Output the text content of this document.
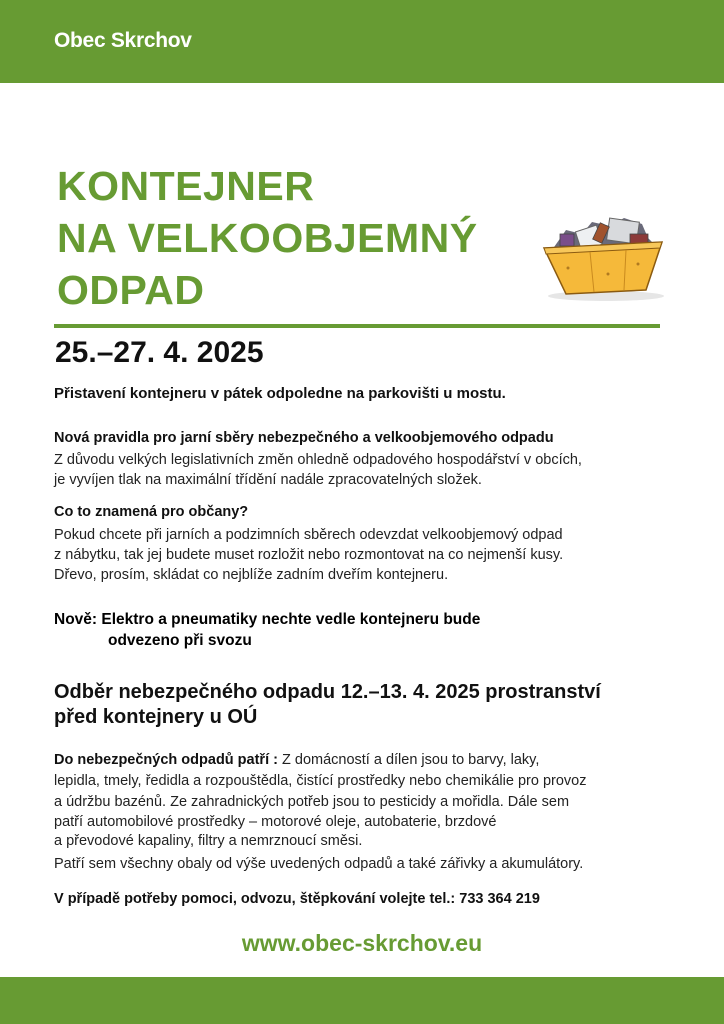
Obec Skrchov
KONTEJNER
NA VELKOOBJEMNÝ
ODPAD
25.–27. 4. 2025
Přistavení kontejneru v pátek odpoledne na parkovišti u mostu.
Nová pravidla pro jarní sběry nebezpečného a velkoobjemového odpadu
Z důvodu velkých legislativních změn ohledně odpadového hospodářství v obcích,
je vyvíjen tlak na maximální třídění nadále zpracovatelných složek.
Co to znamená pro občany?
Pokud chcete při jarních a podzimních sběrech odevzdat velkoobjemový odpad
z nábytku, tak jej budete muset rozložit nebo rozmontovat na co nejmenší kusy.
Dřevo, prosím, skládat co nejblíže zadním dveřím kontejneru.
Nově: Elektro a pneumatiky nechte vedle kontejneru bude
odvezeno při svozu
Odběr nebezpečného odpadu 12.–13. 4. 2025 prostranství
před kontejnery u OÚ
Do nebezpečných odpadů patří : Z domácností a dílen jsou to barvy, laky,
lepidla, tmely, ředidla a rozpouštědla, čistící prostředky nebo chemikálie pro provoz
a údržbu bazénů. Ze zahradnických potřeb jsou to pesticidy a mořidla. Dále sem
patří automobilové prostředky – motorové oleje, autobaterie, brzdové
a převodové kapaliny, filtry a nemrznoucí směsi.
Patří sem všechny obaly od výše uvedených odpadů a také zářivky a akumulátory.
V případě potřeby pomoci, odvozu, štěpkování volejte tel.: 733 364 219
www.obec-skrchov.eu
